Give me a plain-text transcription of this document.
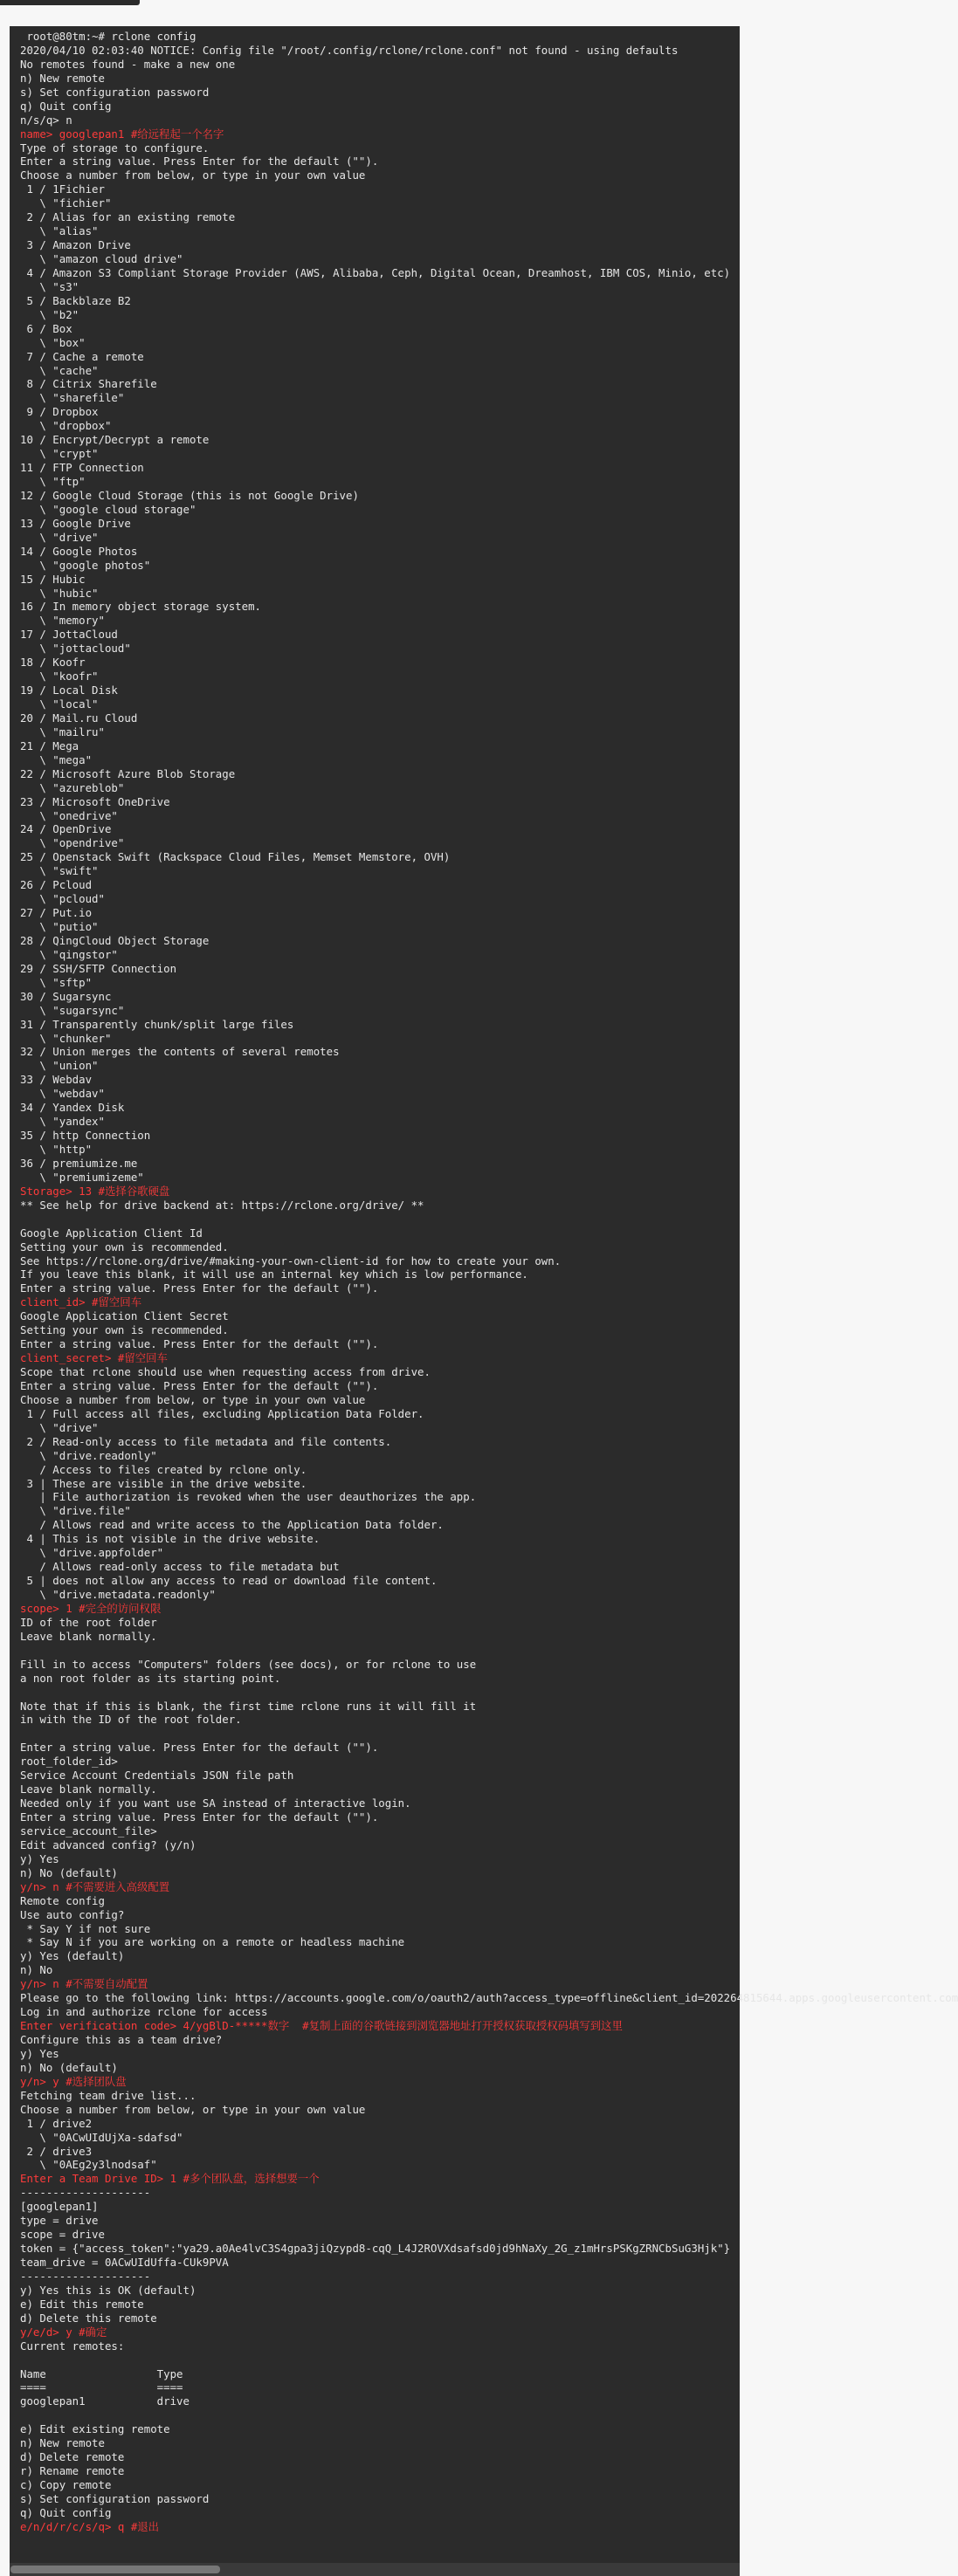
root@80tm:~# rclone config
2020/04/10 02:03:40 NOTICE: Config file "/root/.config/rclone/rclone.conf" not found - using defaults
No remotes found - make a new one
n) New remote
s) Set configuration password
q) Quit config
n/s/q> n
name> googlepan1 #给远程起一个名字
Type of storage to configure.
Enter a string value. Press Enter for the default ("").
Choose a number from below, or type in your own value
1 / 1Fichier
\ "fichier"
2 / Alias for an existing remote
\ "alias"
3 / Amazon Drive
\ "amazon cloud drive"
4 / Amazon S3 Compliant Storage Provider (AWS, Alibaba, Ceph, Digital Ocean, Dreamhost, IBM COS, Minio, etc)
\ "s3"
5 / Backblaze B2
\ "b2"
6 / Box
\ "box"
7 / Cache a remote
\ "cache"
8 / Citrix Sharefile
\ "sharefile"
9 / Dropbox
\ "dropbox"
10 / Encrypt/Decrypt a remote
\ "crypt"
11 / FTP Connection
\ "ftp"
12 / Google Cloud Storage (this is not Google Drive)
\ "google cloud storage"
13 / Google Drive
\ "drive"
14 / Google Photos
\ "google photos"
15 / Hubic
\ "hubic"
16 / In memory object storage system.
\ "memory"
17 / JottaCloud
\ "jottacloud"
18 / Koofr
\ "koofr"
19 / Local Disk
\ "local"
20 / Mail.ru Cloud
\ "mailru"
21 / Mega
\ "mega"
22 / Microsoft Azure Blob Storage
\ "azureblob"
23 / Microsoft OneDrive
\ "onedrive"
24 / OpenDrive
\ "opendrive"
25 / Openstack Swift (Rackspace Cloud Files, Memset Memstore, OVH)
\ "swift"
26 / Pcloud
\ "pcloud"
27 / Put.io
\ "putio"
28 / QingCloud Object Storage
\ "qingstor"
29 / SSH/SFTP Connection
\ "sftp"
30 / Sugarsync
\ "sugarsync"
31 / Transparently chunk/split large files
\ "chunker"
32 / Union merges the contents of several remotes
\ "union"
33 / Webdav
\ "webdav"
34 / Yandex Disk
\ "yandex"
35 / http Connection
\ "http"
36 / premiumize.me
\ "premiumizeme"
Storage> 13 #选择谷歌硬盘
** See help for drive backend at: https://rclone.org/drive/ **
Google Application Client Id
Setting your own is recommended.
See https://rclone.org/drive/#making-your-own-client-id for how to create your own.
If you leave this blank, it will use an internal key which is low performance.
Enter a string value. Press Enter for the default ("").
client_id> #留空回车
Google Application Client Secret
Setting your own is recommended.
Enter a string value. Press Enter for the default ("").
client_secret> #留空回车
Scope that rclone should use when requesting access from drive.
Enter a string value. Press Enter for the default ("").
Choose a number from below, or type in your own value
1 / Full access all files, excluding Application Data Folder.
\ "drive"
2 / Read-only access to file metadata and file contents.
\ "drive.readonly"
/ Access to files created by rclone only.
3 | These are visible in the drive website.
| File authorization is revoked when the user deauthorizes the app.
\ "drive.file"
/ Allows read and write access to the Application Data folder.
4 | This is not visible in the drive website.
\ "drive.appfolder"
/ Allows read-only access to file metadata but
5 | does not allow any access to read or download file content.
\ "drive.metadata.readonly"
scope> 1 #完全的访问权限
ID of the root folder
Leave blank normally.
Fill in to access "Computers" folders (see docs), or for rclone to use
a non root folder as its starting point.
Note that if this is blank, the first time rclone runs it will fill it
in with the ID of the root folder.
Enter a string value. Press Enter for the default ("").
root_folder_id>
Service Account Credentials JSON file path
Leave blank normally.
Needed only if you want use SA instead of interactive login.
Enter a string value. Press Enter for the default ("").
service_account_file>
Edit advanced config? (y/n)
y) Yes
n) No (default)
y/n> n #不需要进入高级配置
Remote config
Use auto config?
* Say Y if not sure
* Say N if you are working on a remote or headless machine
y) Yes (default)
n) No
y/n> n #不需要自动配置
Please go to the following link: https://accounts.google.com/o/oauth2/auth?access_type=offline&client_id=202264815644.apps.googleusercontent.com
Log in and authorize rclone for access
Enter verification code> 4/ygBlD-*****数字  #复制上面的谷歌链接到浏览器地址打开授权获取授权码填写到这里
Configure this as a team drive?
y) Yes
n) No (default)
y/n> y #选择团队盘
Fetching team drive list...
Choose a number from below, or type in your own value
1 / drive2
\ "0ACwUIdUjXa-sdafsd"
2 / drive3
\ "0AEg2y3lnodsaf"
Enter a Team Drive ID> 1 #多个团队盘，选择想要一个
--------------------
[googlepan1]
type = drive
scope = drive
token = {"access_token":"ya29.a0Ae4lvC3S4gpa3jiQzypd8-cqQ_L4J2ROVXdsafsd0jd9hNaXy_2G_z1mHrsPSKgZRNCbSuG3Hjk"}
team_drive = 0ACwUIdUffa-CUk9PVA
--------------------
y) Yes this is OK (default)
e) Edit this remote
d) Delete this remote
y/e/d> y #确定
Current remotes:
Name                 Type
====                 ====
googlepan1           drive
e) Edit existing remote
n) New remote
d) Delete remote
r) Rename remote
c) Copy remote
s) Set configuration password
q) Quit config
e/n/d/r/c/s/q> q #退出
